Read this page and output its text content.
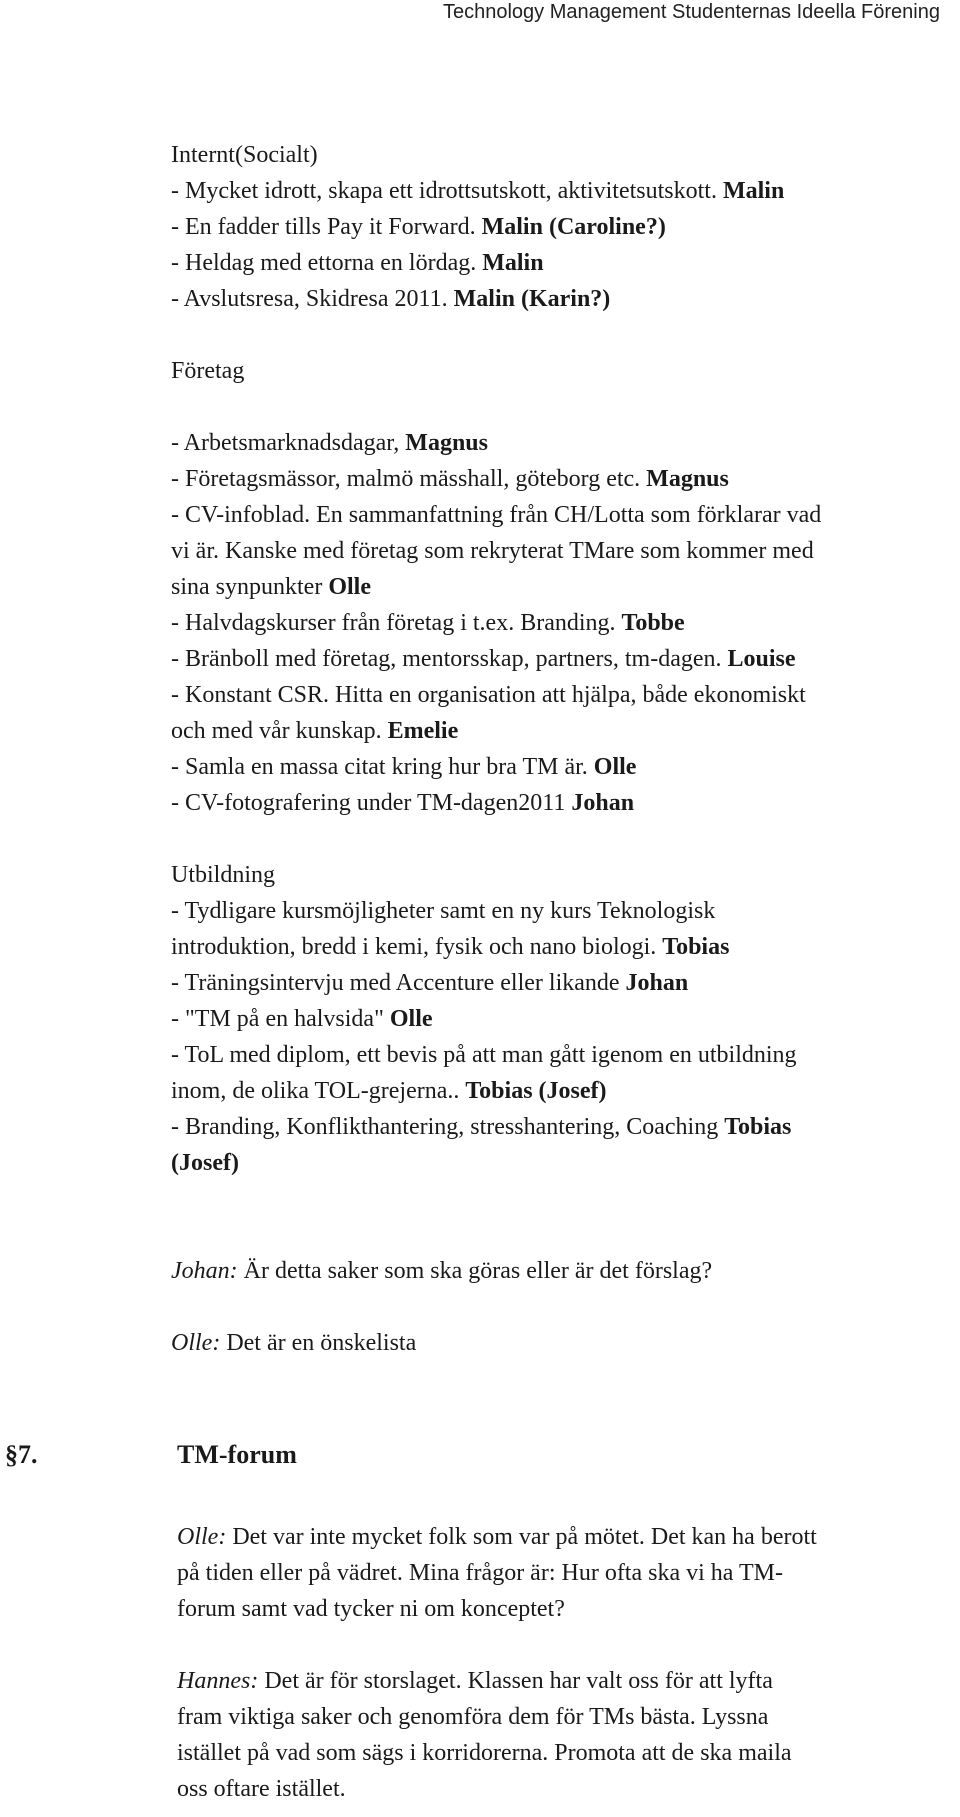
Technology Management Studenternas Ideella Förening

Internt(Socialt)

- Mycket idrott, skapa ett idrottsutskott, aktivitetsutskott. Malin

- En fadder tills Pay it Forward. Malin (Caroline?)

- Heldag med ettorna en lördag. Malin

- Avslutsresa, Skidresa 2011. Malin (Karin?)

Företag

- Arbetsmarknadsdagar, Magnus

- Företagsmässor, malmö mässhall, göteborg etc. Magnus

- CV-infoblad. En sammanfattning från CH/Lotta som förklarar vad

vi är. Kanske med företag som rekryterat TMare som kommer med

sina synpunkter Olle

- Halvdagskurser från företag i t.ex. Branding. Tobbe

- Bränboll med företag, mentorsskap, partners, tm-dagen. Louise

- Konstant CSR. Hitta en organisation att hjälpa, både ekonomiskt

och med vår kunskap. Emelie

- Samla en massa citat kring hur bra TM är. Olle

- CV-fotografering under TM-dagen2011 Johan

Utbildning

- Tydligare kursmöjligheter samt en ny kurs Teknologisk

introduktion, bredd i kemi, fysik och nano biologi. Tobias

- Träningsintervju med Accenture eller likande Johan

- "TM på en halvsida" Olle

- ToL med diplom, ett bevis på att man gått igenom en utbildning

inom, de olika TOL-grejerna.. Tobias (Josef)

- Branding, Konflikthantering, stresshantering, Coaching Tobias

(Josef)

Johan: Är detta saker som ska göras eller är det förslag?

Olle: Det är en önskelista

§7.	TM-forum

Olle: Det var inte mycket folk som var på mötet. Det kan ha berott

på tiden eller på vädret. Mina frågor är: Hur ofta ska vi ha TM-

forum samt vad tycker ni om konceptet?

Hannes: Det är för storslaget. Klassen har valt oss för att lyfta

fram viktiga saker och genomföra dem för TMs bästa. Lyssna

istället på vad som sägs i korridorerna. Promota att de ska maila

oss oftare istället.
